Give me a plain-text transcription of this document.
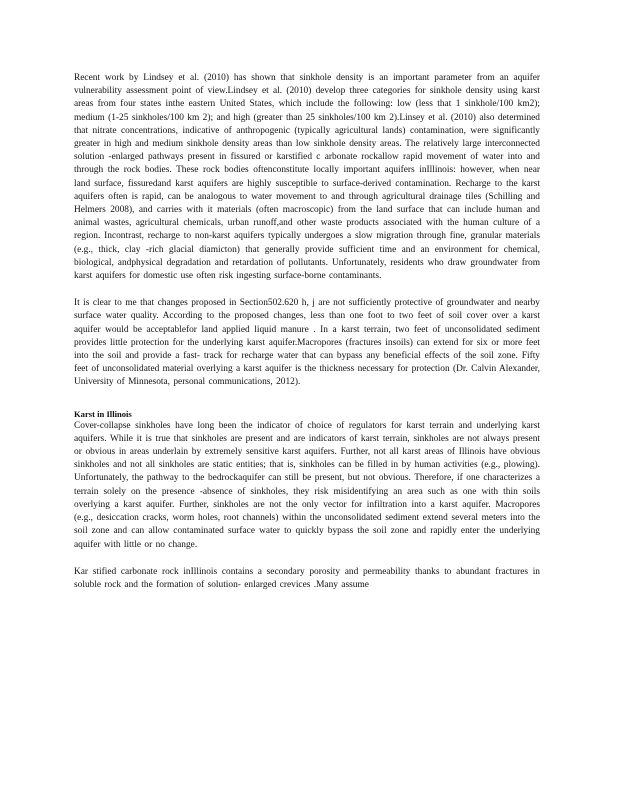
Recent work by Lindsey et al. (2010) has shown that sinkhole density is an important parameter from an aquifer vulnerability assessment point of view.Lindsey et al. (2010) develop three categories for sinkhole density using karst areas from four states inthe eastern United States, which include the following: low (less that 1 sinkhole/100 km2); medium (1-25 sinkholes/100 km 2); and high (greater than 25 sinkholes/100 km 2).Linsey et al. (2010) also determined that nitrate concentrations, indicative of anthropogenic (typically agricultural lands) contamination, were significantly greater in high and medium sinkhole density areas than low sinkhole density areas. The relatively large interconnected solution -enlarged pathways present in fissured or karstified c arbonate rockallow rapid movement of water into and through the rock bodies. These rock bodies oftenconstitute locally important aquifers inIllinois: however, when near land surface, fissuredand karst aquifers are highly susceptible to surface-derived contamination. Recharge to the karst aquifers often is rapid, can be analogous to water movement to and through agricultural drainage tiles (Schilling and Helmers 2008), and carries with it materials (often macroscopic) from the land surface that can include human and animal wastes, agricultural chemicals, urban runoff,and other waste products associated with the human culture of a region. Incontrast, recharge to non-karst aquifers typically undergoes a slow migration through fine, granular materials (e.g., thick, clay -rich glacial diamicton) that generally provide sufficient time and an environment for chemical, biological, andphysical degradation and retardation of pollutants. Unfortunately, residents who draw groundwater from karst aquifers for domestic use often risk ingesting surface-borne contaminants.

It is clear to me that changes proposed in Section502.620 h, j are not sufficiently protective of groundwater and nearby surface water quality. According to the proposed changes, less than one foot to two feet of soil cover over a karst aquifer would be acceptablefor land applied liquid manure . In a karst terrain, two feet of unconsolidated sediment provides little protection for the underlying karst aquifer.Macropores (fractures insoils) can extend for six or more feet into the soil and provide a fast- track for recharge water that can bypass any beneficial effects of the soil zone. Fifty feet of unconsolidated material overlying a karst aquifer is the thickness necessary for protection (Dr. Calvin Alexander, University of Minnesota, personal communications, 2012).

Karst in Illinois

Cover-collapse sinkholes have long been the indicator of choice of regulators for karst terrain and underlying karst aquifers. While it is true that sinkholes are present and are indicators of karst terrain, sinkholes are not always present or obvious in areas underlain by extremely sensitive karst aquifers. Further, not all karst areas of Illinois have obvious sinkholes and not all sinkholes are static entities; that is, sinkholes can be filled in by human activities (e.g., plowing). Unfortunately, the pathway to the bedrockaquifer can still be present, but not obvious. Therefore, if one characterizes a terrain solely on the presence -absence of sinkholes, they risk misidentifying an area such as one with thin soils overlying a karst aquifer. Further, sinkholes are not the only vector for infiltration into a karst aquifer. Macropores (e.g., desiccation cracks, worm holes, root channels) within the unconsolidated sediment extend several meters into the soil zone and can allow contaminated surface water to quickly bypass the soil zone and rapidly enter the underlying aquifer with little or no change.

Kar stified carbonate rock inIllinois contains a secondary porosity and permeability thanks to abundant fractures in soluble rock and the formation of solution- enlarged crevices .Many assume
